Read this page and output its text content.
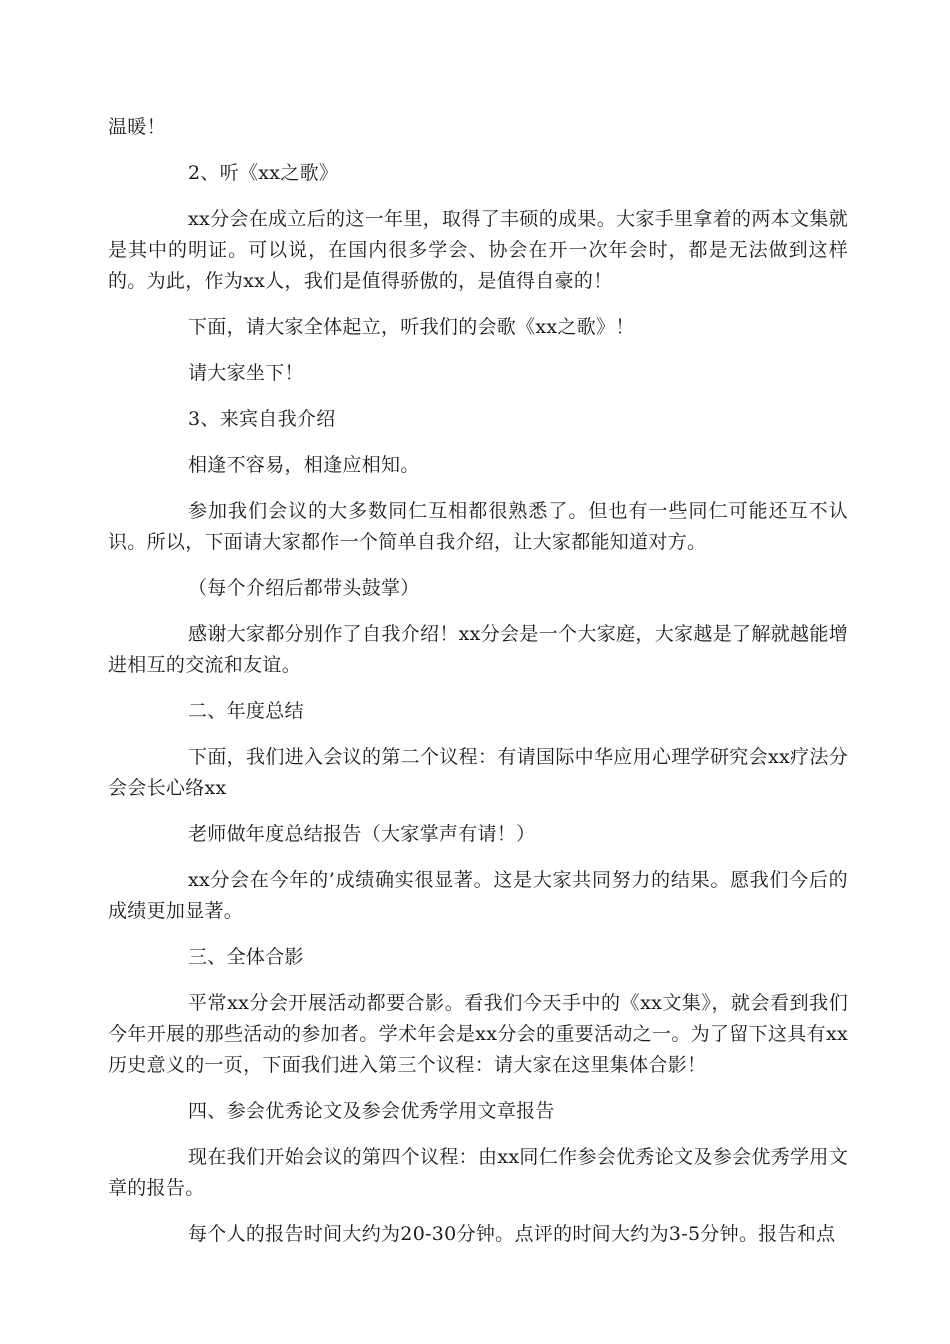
温暖！

2、听《xx之歌》

xx分会在成立后的这一年里，取得了丰硕的成果。大家手里拿着的两本文集就是其中的明证。可以说，在国内很多学会、协会在开一次年会时，都是无法做到这样的。为此，作为xx人，我们是值得骄傲的，是值得自豪的！

下面，请大家全体起立，听我们的会歌《xx之歌》！

请大家坐下！

3、来宾自我介绍

相逢不容易，相逢应相知。

参加我们会议的大多数同仁互相都很熟悉了。但也有一些同仁可能还互不认识。所以，下面请大家都作一个简单自我介绍，让大家都能知道对方。

（每个介绍后都带头鼓掌）

感谢大家都分别作了自我介绍！xx分会是一个大家庭，大家越是了解就越能增进相互的交流和友谊。

二、年度总结

下面，我们进入会议的第二个议程：有请国际中华应用心理学研究会xx疗法分会会长心络xx

老师做年度总结报告（大家掌声有请！）

xx分会在今年的’成绩确实很显著。这是大家共同努力的结果。愿我们今后的成绩更加显著。

三、全体合影

平常xx分会开展活动都要合影。看我们今天手中的《xx文集》，就会看到我们今年开展的那些活动的参加者。学术年会是xx分会的重要活动之一。为了留下这具有xx历史意义的一页，下面我们进入第三个议程：请大家在这里集体合影！

四、参会优秀论文及参会优秀学用文章报告

现在我们开始会议的第四个议程：由xx同仁作参会优秀论文及参会优秀学用文章的报告。

每个人的报告时间大约为20-30分钟。点评的时间大约为3-5分钟。报告和点
